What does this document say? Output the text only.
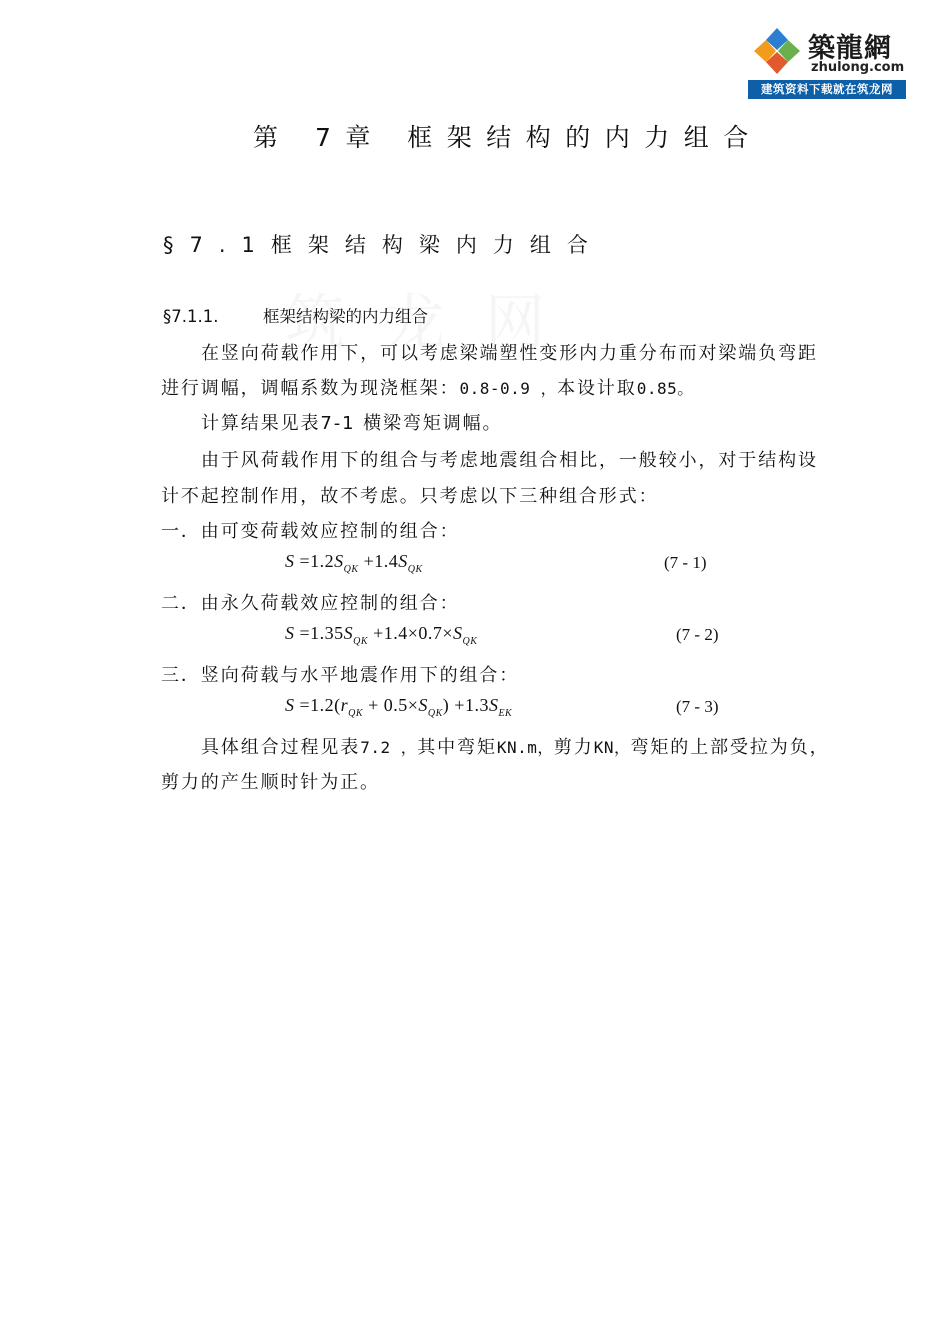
築龍網
zhulong.com
建筑资料下载就在筑龙网
第 7章 框架结构的内力组合
§7.1框架结构梁内力组合
§7.1.1.	框架结构梁的内力组合
在竖向荷载作用下，可以考虑梁端塑性变形内力重分布而对梁端负弯距
进行调幅，调幅系数为现浇框架：0.8-0.9 ，本设计取0.85。
计算结果见表7-1 横梁弯矩调幅。
由于风荷载作用下的组合与考虑地震组合相比，一般较小，对于结构设
计不起控制作用，故不考虑。只考虑以下三种组合形式：
一．由可变荷载效应控制的组合：
$S =1.2S_{QK} +1.4S_{QK}$	(7 - 1)
二．由永久荷载效应控制的组合：
$S =1.35S_{QK} +1.4\times 0.7\times S_{QK}$	(7 - 2)
三．竖向荷载与水平地震作用下的组合：
$S =1.2(r_{QK} + 0.5\times S_{QK}) +1.3S_{EK}$	(7 - 3)
具体组合过程见表7.2 ，其中弯矩KN.m，剪力KN，弯矩的上部受拉为负，
剪力的产生顺时针为正。
